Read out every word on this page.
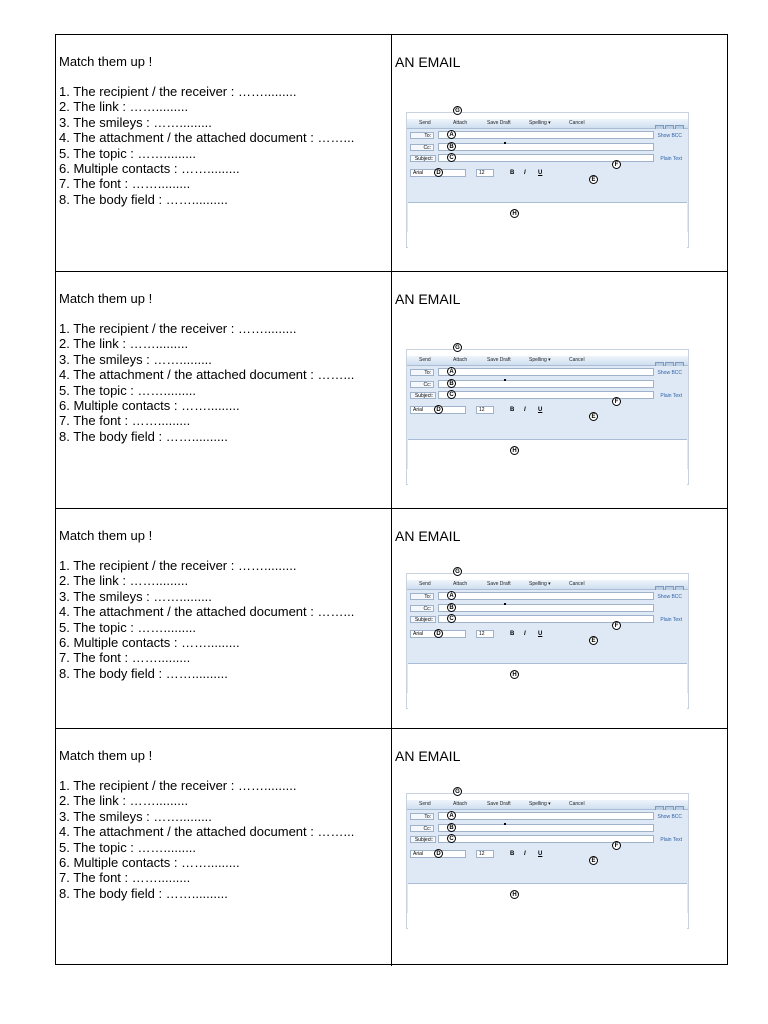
Match them up !
1. The recipient / the receiver : …….........
2. The link : …….........
3. The smileys : …….........
4. The attachment / the attached document : ……...
5. The topic : …….........
6. Multiple contacts : …….........
7. The font : …….........
8. The body field : ……..........
AN EMAIL
Send	Attach	Save Draft	Spelling ▾	Cancel
To:	Show BCC
Cc:
Subject:	Plain Text
Arial	12	B I U
A
B
C
D
E
F
G
H
Match them up !
1. The recipient / the receiver : …….........
2. The link : …….........
3. The smileys : …….........
4. The attachment / the attached document : ……...
5. The topic : …….........
6. Multiple contacts : …….........
7. The font : …….........
8. The body field : ……..........
AN EMAIL
Send	Attach	Save Draft	Spelling ▾	Cancel
To:	Show BCC
Cc:
Subject:	Plain Text
Arial	12	B I U
A
B
C
D
E
F
G
H
Match them up !
1. The recipient / the receiver : …….........
2. The link : …….........
3. The smileys : …….........
4. The attachment / the attached document : ……...
5. The topic : …….........
6. Multiple contacts : …….........
7. The font : …….........
8. The body field : ……..........
AN EMAIL
Send	Attach	Save Draft	Spelling ▾	Cancel
To:	Show BCC
Cc:
Subject:	Plain Text
Arial	12	B I U
A
B
C
D
E
F
G
H
Match them up !
1. The recipient / the receiver : …….........
2. The link : …….........
3. The smileys : …….........
4. The attachment / the attached document : ……...
5. The topic : …….........
6. Multiple contacts : …….........
7. The font : …….........
8. The body field : ……..........
AN EMAIL
Send	Attach	Save Draft	Spelling ▾	Cancel
To:	Show BCC
Cc:
Subject:	Plain Text
Arial	12	B I U
A
B
C
D
E
F
G
H
